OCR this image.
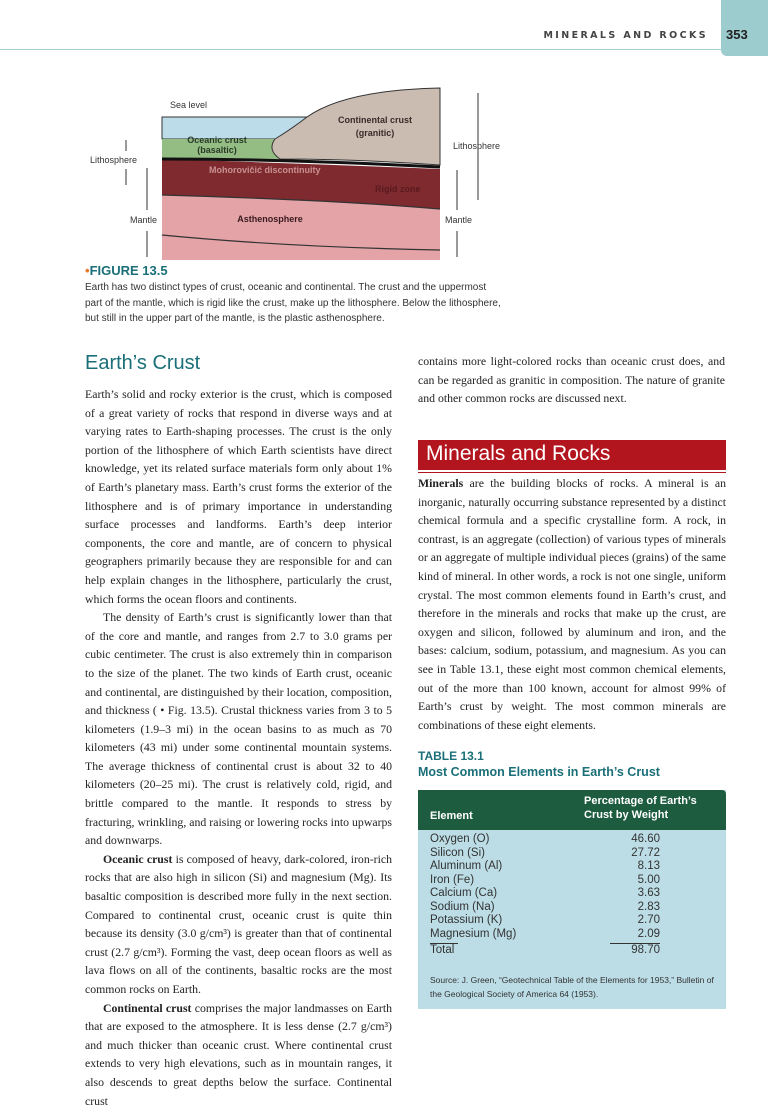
MINERALS AND ROCKS 353
Sea level
Continental crust
(granitic)
Oceanic crust
(basaltic)
Mohorovičić discontinuity
Rigid zone
Asthenosphere
Lithosphere
Mantle
Lithosphere
Mantle
•FIGURE 13.5
Earth has two distinct types of crust, oceanic and continental. The crust and the uppermost part of the mantle, which is rigid like the crust, make up the lithosphere. Below the lithosphere, but still in the upper part of the mantle, is the plastic asthenosphere.
Earth’s Crust

Earth’s solid and rocky exterior is the crust, which is composed of a great variety of rocks that respond in diverse ways and at varying rates to Earth-shaping processes. The crust is the only portion of the lithosphere of which Earth scientists have direct knowledge, yet its related surface materials form only about 1% of Earth’s planetary mass. Earth’s crust forms the exterior of the lithosphere and is of primary importance in understanding surface processes and landforms. Earth’s deep interior components, the core and mantle, are of concern to physical geographers primarily because they are responsible for and can help explain changes in the lithosphere, particularly the crust, which forms the ocean floors and continents.

The density of Earth’s crust is significantly lower than that of the core and mantle, and ranges from 2.7 to 3.0 grams per cubic centimeter. The crust is also extremely thin in comparison to the size of the planet. The two kinds of Earth crust, oceanic and continental, are distinguished by their location, composition, and thickness ( • Fig. 13.5). Crustal thickness varies from 3 to 5 kilometers (1.9–3 mi) in the ocean basins to as much as 70 kilometers (43 mi) under some continental mountain systems. The average thickness of continental crust is about 32 to 40 kilometers (20–25 mi). The crust is relatively cold, rigid, and brittle compared to the mantle. It responds to stress by fracturing, wrinkling, and raising or lowering rocks into upwarps and downwarps.

Oceanic crust is composed of heavy, dark-colored, iron-rich rocks that are also high in silicon (Si) and magnesium (Mg). Its basaltic composition is described more fully in the next section. Compared to continental crust, oceanic crust is quite thin because its density (3.0 g/cm³) is greater than that of continental crust (2.7 g/cm³). Forming the vast, deep ocean floors as well as lava flows on all of the continents, basaltic rocks are the most common rocks on Earth.

Continental crust comprises the major landmasses on Earth that are exposed to the atmosphere. It is less dense (2.7 g/cm³) and much thicker than oceanic crust. Where continental crust extends to very high elevations, such as in mountain ranges, it also descends to great depths below the surface. Continental crust

contains more light-colored rocks than oceanic crust does, and can be regarded as granitic in composition. The nature of granite and other common rocks are discussed next.

Minerals and Rocks

Minerals are the building blocks of rocks. A mineral is an inorganic, naturally occurring substance represented by a distinct chemical formula and a specific crystalline form. A rock, in contrast, is an aggregate (collection) of various types of minerals or an aggregate of multiple individual pieces (grains) of the same kind of mineral. In other words, a rock is not one single, uniform crystal. The most common elements found in Earth’s crust, and therefore in the minerals and rocks that make up the crust, are oxygen and silicon, followed by aluminum and iron, and the bases: calcium, sodium, potassium, and magnesium. As you can see in Table 13.1, these eight most common chemical elements, out of the more than 100 known, account for almost 99% of Earth’s crust by weight. The most common minerals are combinations of these eight elements.

TABLE 13.1
Most Common Elements in Earth’s Crust
Element
Percentage of Earth’s
Crust by Weight
Oxygen (O)	46.60
Silicon (Si)	27.72
Aluminum (Al)	8.13
Iron (Fe)	5.00
Calcium (Ca)	3.63
Sodium (Na)	2.83
Potassium (K)	2.70
Magnesium (Mg)	2.09
Total	98.70
Source: J. Green, “Geotechnical Table of the Elements for 1953,” Bulletin of the Geological Society of America 64 (1953).
